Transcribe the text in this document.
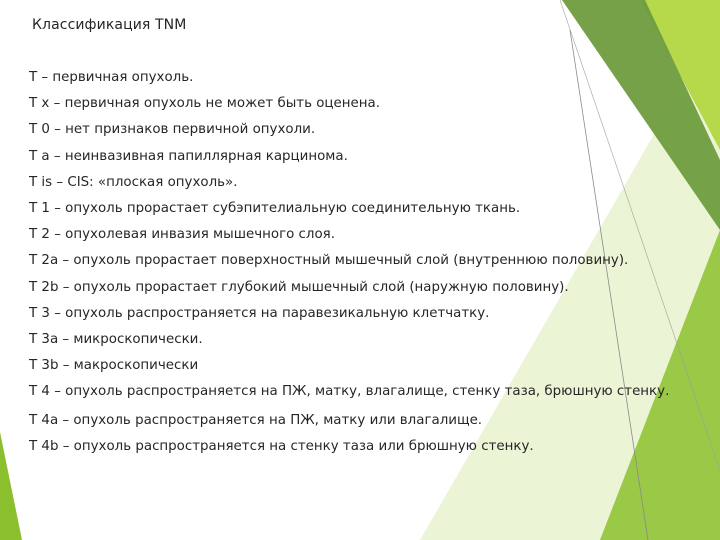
Классификация TNM
T – первичная опухоль.
T x – первичная опухоль не может быть оценена.
T 0 – нет признаков первичной опухоли.
T a – неинвазивная папиллярная карцинома.
T is – CIS: «плоская опухоль».
T 1 – опухоль прорастает субэпителиальную соединительную ткань.
T 2 – опухолевая инвазия мышечного слоя.
T 2a – опухоль прорастает поверхностный мышечный слой (внутреннюю половину).
T 2b – опухоль прорастает глубокий мышечный слой (наружную половину).
T 3 – опухоль распространяется на паравезикальную клетчатку.
T 3a – микроскопически.
T 3b – макроскопически
T 4 – опухоль распространяется на ПЖ, матку, влагалище, стенку таза, брюшную стенку.
T 4a – опухоль распространяется на ПЖ, матку или влагалище.
T 4b – опухоль распространяется на стенку таза или брюшную стенку.
